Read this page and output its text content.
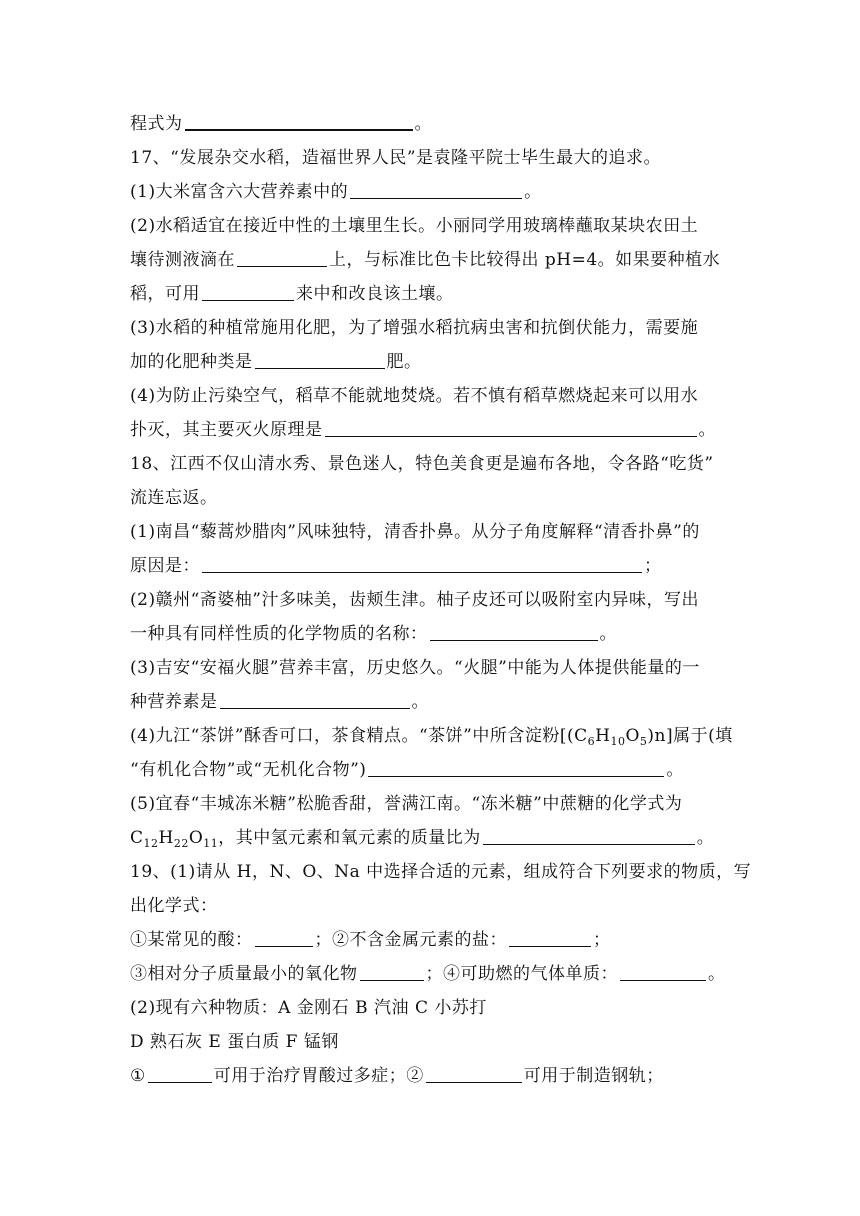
程式为	。
17、“发展杂交水稻，造福世界人民”是袁隆平院士毕生最大的追求。
(1)大米富含六大营养素中的	。
(2)水稻适宜在接近中性的土壤里生长。小丽同学用玻璃棒蘸取某块农田土
壤待测液滴在	上，与标准比色卡比较得出 pH=4。如果要种植水
稻，可用	来中和改良该土壤。
(3)水稻的种植常施用化肥，为了增强水稻抗病虫害和抗倒伏能力，需要施
加的化肥种类是	肥。
(4)为防止污染空气，稻草不能就地焚烧。若不慎有稻草燃烧起来可以用水
扑灭，其主要灭火原理是	。
18、江西不仅山清水秀、景色迷人，特色美食更是遍布各地，令各路“吃货”
流连忘返。
(1)南昌“藜蒿炒腊肉”风味独特，清香扑鼻。从分子角度解释“清香扑鼻”的
原因是：	；
(2)赣州“斋婆柚”汁多味美，齿颊生津。柚子皮还可以吸附室内异味，写出
一种具有同样性质的化学物质的名称：	。
(3)吉安“安福火腿”营养丰富，历史悠久。“火腿”中能为人体提供能量的一
种营养素是	。
(4)九江“茶饼”酥香可口，茶食精点。“茶饼”中所含淀粉$[(C_6H_{10}O_5)n]$属于(填
“有机化合物”或“无机化合物”)	。
(5)宜春“丰城冻米糖”松脆香甜，誉满江南。“冻米糖”中蔗糖的化学式为
$C_{12}H_{22}O_{11}$，其中氢元素和氧元素的质量比为	。
19、(1)请从 H，N、O、Na 中选择合适的元素，组成符合下列要求的物质，写
出化学式：
①某常见的酸：	；②不含金属元素的盐：	；
③相对分子质量最小的氧化物	；④可助燃的气体单质：	。
(2)现有六种物质：A 金刚石 B 汽油 C 小苏打
D 熟石灰 E 蛋白质 F 锰钢
①	可用于治疗胃酸过多症；②	可用于制造钢轨；
